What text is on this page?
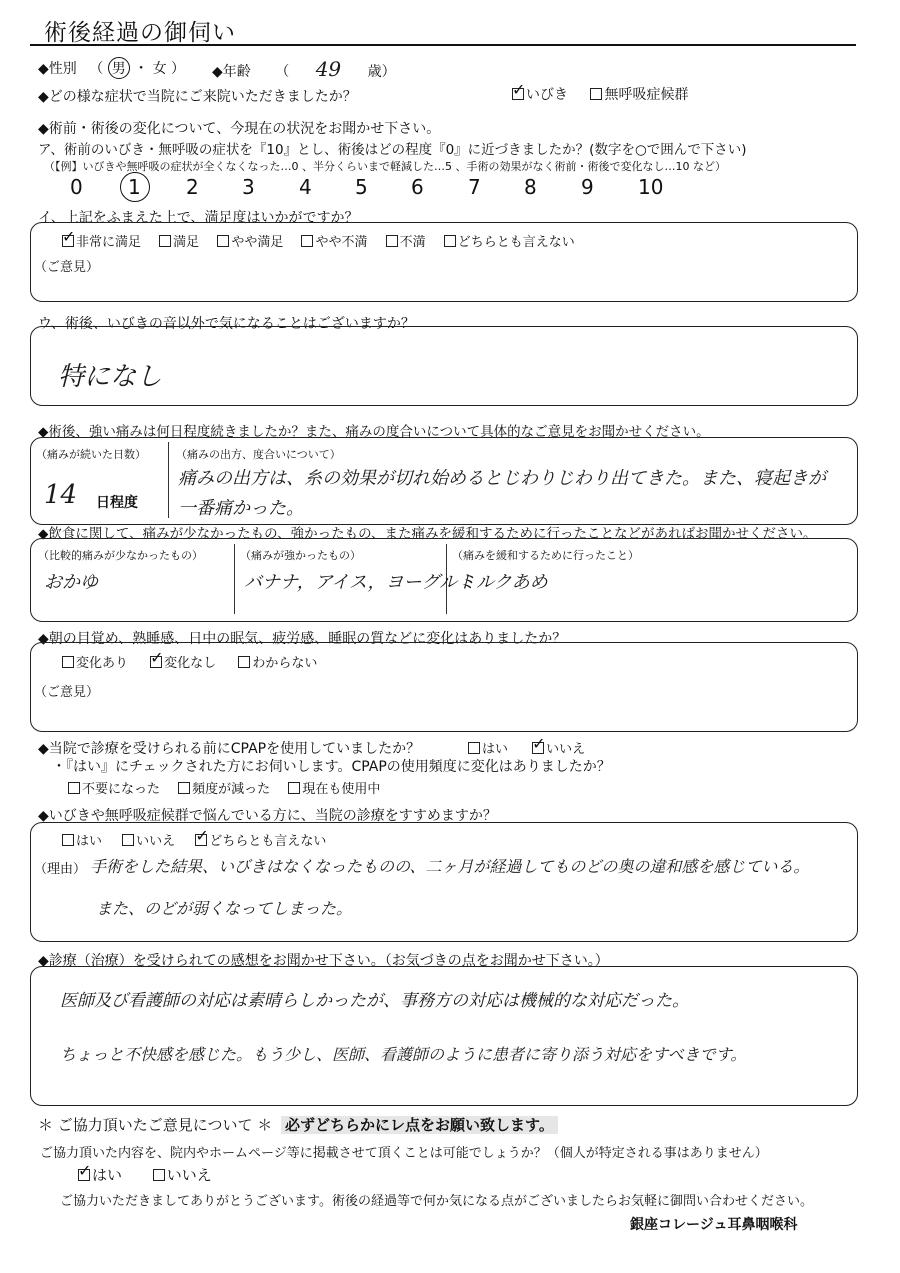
術後経過の御伺い
◆性別 （ 男 ・ 女 ） ◆年齢 （ 49 歳）
◆どの様な症状で当院にご来院いただきましたか？ ✓	いびき	無呼吸症候群
◆術前・術後の変化について、今現在の状況をお聞かせ下さい。
ア、術前のいびき・無呼吸の症状を『10』とし、術後はどの程度『0』に近づきましたか？(数字を○で囲んで下さい)
（【例】いびきや無呼吸の症状が全くなくなった…0 、半分くらいまで軽減した…5 、手術の効果がなく術前・術後で変化なし…10 など）
0 1 2 3 4 5 6 7 8 9 10
イ、上記をふまえた上で、満足度はいかがですか？
✓非常に満足 満足 やや満足 やや不満 不満 どちらとも言えない
（ご意見）
ウ、術後、いびきの音以外で気になることはございますか？
特になし
◆術後、強い痛みは何日程度続きましたか？また、痛みの度合いについて具体的なご意見をお聞かせください。
（痛みが続いた日数）
14 日程度
（痛みの出方、度合いについて）
痛みの出方は、糸の効果が切れ始めるとじわりじわり出てきた。また、寝起きが
一番痛かった。
◆飲食に関して、痛みが少なかったもの、強かったもの、また痛みを緩和するために行ったことなどがあればお聞かせください。
（比較的痛みが少なかったもの）
おかゆ
（痛みが強かったもの）
バナナ，アイス，ヨーグルト
（痛みを緩和するために行ったこと）
ミルクあめ
◆朝の目覚め、熟睡感、日中の眠気、疲労感、睡眠の質などに変化はありましたか？
変化あり ✓	変化なし	わからない
（ご意見）
◆当院で診療を受けられる前にCPAPを使用していましたか？	はい ✓	いいえ
・『はい』にチェックされた方にお伺いします。CPAPの使用頻度に変化はありましたか？
不要になった 頻度が減った 現在も使用中
◆いびきや無呼吸症候群で悩んでいる方に、当院の診療をすすめますか？
はい	いいえ ✓	どちらとも言えない
（理由） 手術をした結果、いびきはなくなったものの、二ヶ月が経過してものどの奥の違和感を感じている。
また、のどが弱くなってしまった。
◆診療（治療）を受けられての感想をお聞かせ下さい。（お気づきの点をお聞かせ下さい。）
医師及び看護師の対応は素晴らしかったが、事務方の対応は機械的な対応だった。
ちょっと不快感を感じた。もう少し、医師、看護師のように患者に寄り添う対応をすべきです。
＊ ご協力頂いたご意見について ＊ 必ずどちらかにレ点をお願い致します。
ご協力頂いた内容を、院内やホームページ等に掲載させて頂くことは可能でしょうか？（個人が特定される事はありません）
✓はい	いいえ
ご協力いただきましてありがとうございます。術後の経過等で何か気になる点がございましたらお気軽に御問い合わせください。
銀座コレージュ耳鼻咽喉科
